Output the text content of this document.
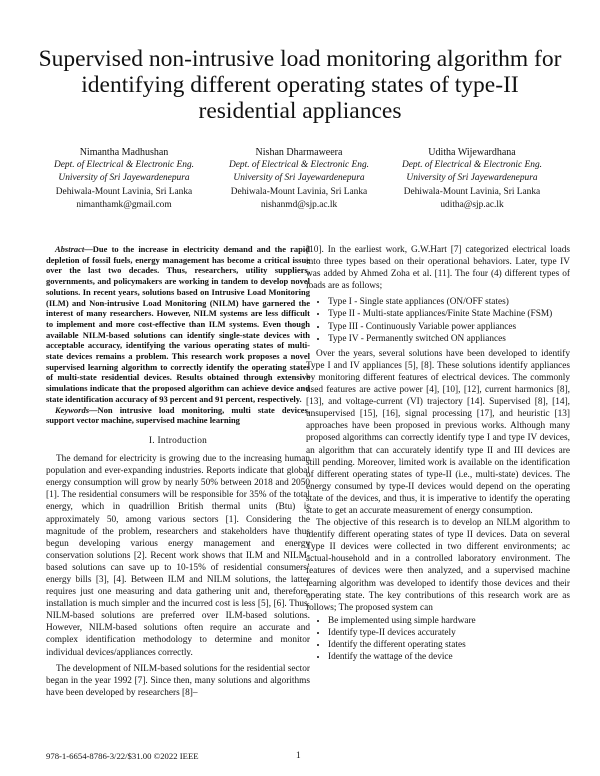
Supervised non-intrusive load monitoring algorithm for identifying different operating states of type-II residential appliances
Nimantha Madhushan
Dept. of Electrical & Electronic Eng.
University of Sri Jayewardenepura
Dehiwala-Mount Lavinia, Sri Lanka
nimanthamk@gmail.com
Nishan Dharmaweera
Dept. of Electrical & Electronic Eng.
University of Sri Jayewardenepura
Dehiwala-Mount Lavinia, Sri Lanka
nishanmd@sjp.ac.lk
Uditha Wijewardhana
Dept. of Electrical & Electronic Eng.
University of Sri Jayewardenepura
Dehiwala-Mount Lavinia, Sri Lanka
uditha@sjp.ac.lk

Abstract—Due to the increase in electricity demand and the rapid depletion of fossil fuels, energy management has become a critical issue over the last two decades. Thus, researchers, utility suppliers, governments, and policymakers are working in tandem to develop novel solutions. In recent years, solutions based on Intrusive Load Monitoring (ILM) and Non-intrusive Load Monitoring (NILM) have garnered the interest of many researchers. However, NILM systems are less difficult to implement and more cost-effective than ILM systems. Even though available NILM-based solutions can identify single-state devices with acceptable accuracy, identifying the various operating states of multi-state devices remains a problem. This research work proposes a novel supervised learning algorithm to correctly identify the operating states of multi-state residential devices. Results obtained through extensive simulations indicate that the proposed algorithm can achieve device and state identification accuracy of 93 percent and 91 percent, respectively.

Keywords—Non intrusive load monitoring, multi state devices, support vector machine, supervised machine learning

I. Introduction

The demand for electricity is growing due to the increasing human population and ever-expanding industries. Reports indicate that global energy consumption will grow by nearly 50% between 2018 and 2050 [1]. The residential consumers will be responsible for 35% of the total energy, which in quadrillion British thermal units (Btu) is approximately 50, among various sectors [1]. Considering the magnitude of the problem, researchers and stakeholders have thus begun developing various energy management and energy conservation solutions [2]. Recent work shows that ILM and NILM-based solutions can save up to 10-15% of residential consumers’ energy bills [3], [4]. Between ILM and NILM solutions, the latter requires just one measuring and data gathering unit and, therefore, installation is much simpler and the incurred cost is less [5], [6]. Thus, NILM-based solutions are preferred over ILM-based solutions. However, NILM-based solutions often require an accurate and complex identification methodology to determine and monitor individual devices/appliances correctly.

The development of NILM-based solutions for the residential sector began in the year 1992 [7]. Since then, many solutions and algorithms have been developed by researchers [8]–

[10]. In the earliest work, G.W.Hart [7] categorized electrical loads into three types based on their operational behaviors. Later, type IV was added by Ahmed Zoha et al. [11]. The four (4) different types of loads are as follows;

• Type I - Single state appliances (ON/OFF states)
• Type II - Multi-state appliances/Finite State Machine (FSM)
• Type III - Continuously Variable power appliances
• Type IV - Permanently switched ON appliances

Over the years, several solutions have been developed to identify Type I and IV appliances [5], [8]. These solutions identify appliances by monitoring different features of electrical devices. The commonly used features are active power [4], [10], [12], current harmonics [8], [13], and voltage-current (VI) trajectory [14]. Supervised [8], [14], unsupervised [15], [16], signal processing [17], and heuristic [13] approaches have been proposed in previous works. Although many proposed algorithms can correctly identify type I and type IV devices, an algorithm that can accurately identify type II and III devices are still pending. Moreover, limited work is available on the identification of different operating states of type-II (i.e., multi-state) devices. The energy consumed by type-II devices would depend on the operating state of the devices, and thus, it is imperative to identify the operating state to get an accurate measurement of energy consumption.

The objective of this research is to develop an NILM algorithm to identify different operating states of type II devices. Data on several Type II devices were collected in two different environments; ac actual-household and in a controlled laboratory environment. The features of devices were then analyzed, and a supervised machine learning algorithm was developed to identify those devices and their operating state. The key contributions of this research work are as follows; The proposed system can

• Be implemented using simple hardware
• Identify type-II devices accurately
• Identify the different operating states
• Identify the wattage of the device
978-1-6654-8786-3/22/$31.00 ©2022 IEEE	1
